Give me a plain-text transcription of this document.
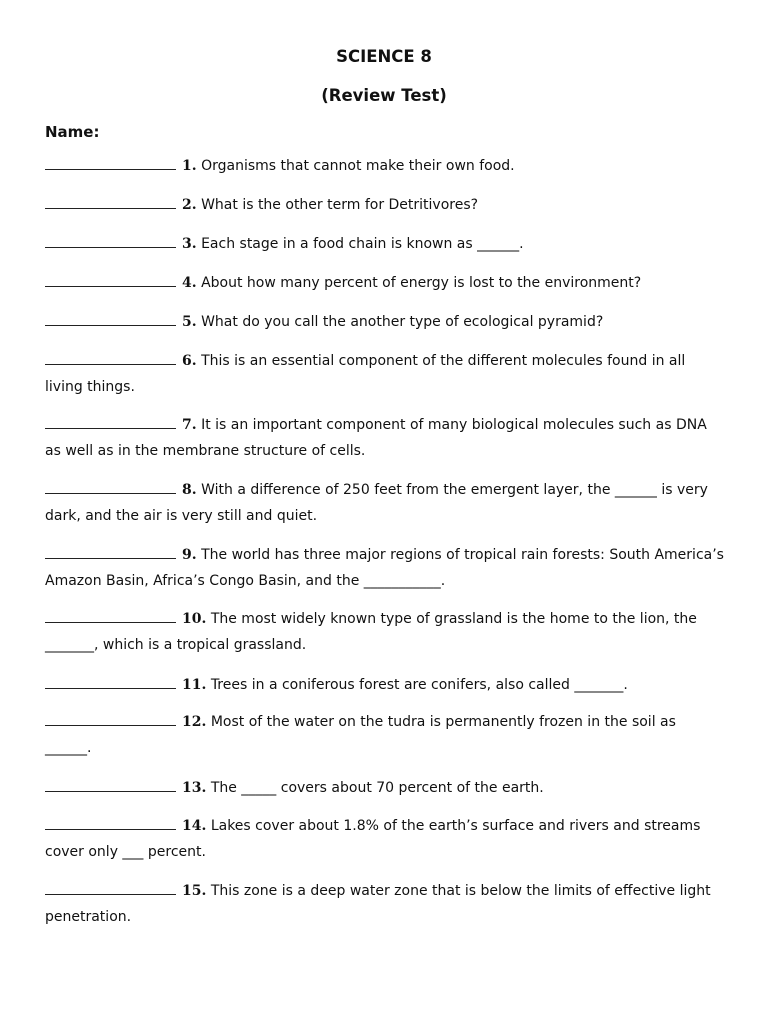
SCIENCE 8
(Review Test)

Name:

1. Organisms that cannot make their own food.

2. What is the other term for Detritivores?

3. Each stage in a food chain is known as ______.

4. About how many percent of energy is lost to the environment?

5. What do you call the another type of ecological pyramid?

6. This is an essential component of the different molecules found in all living things.

7. It is an important component of many biological molecules such as DNA as well as in the membrane structure of cells.

8. With a difference of 250 feet from the emergent layer, the ______ is very dark, and the air is very still and quiet.

9. The world has three major regions of tropical rain forests: South America’s Amazon Basin, Africa’s Congo Basin, and the ___________.

10. The most widely known type of grassland is the home to the lion, the _______, which is a tropical grassland.

11. Trees in a coniferous forest are conifers, also called _______.

12. Most of the water on the tudra is permanently frozen in the soil as ______.

13. The _____ covers about 70 percent of the earth.

14. Lakes cover about 1.8% of the earth’s surface and rivers and streams cover only ___ percent.

15. This zone is a deep water zone that is below the limits of effective light penetration.
